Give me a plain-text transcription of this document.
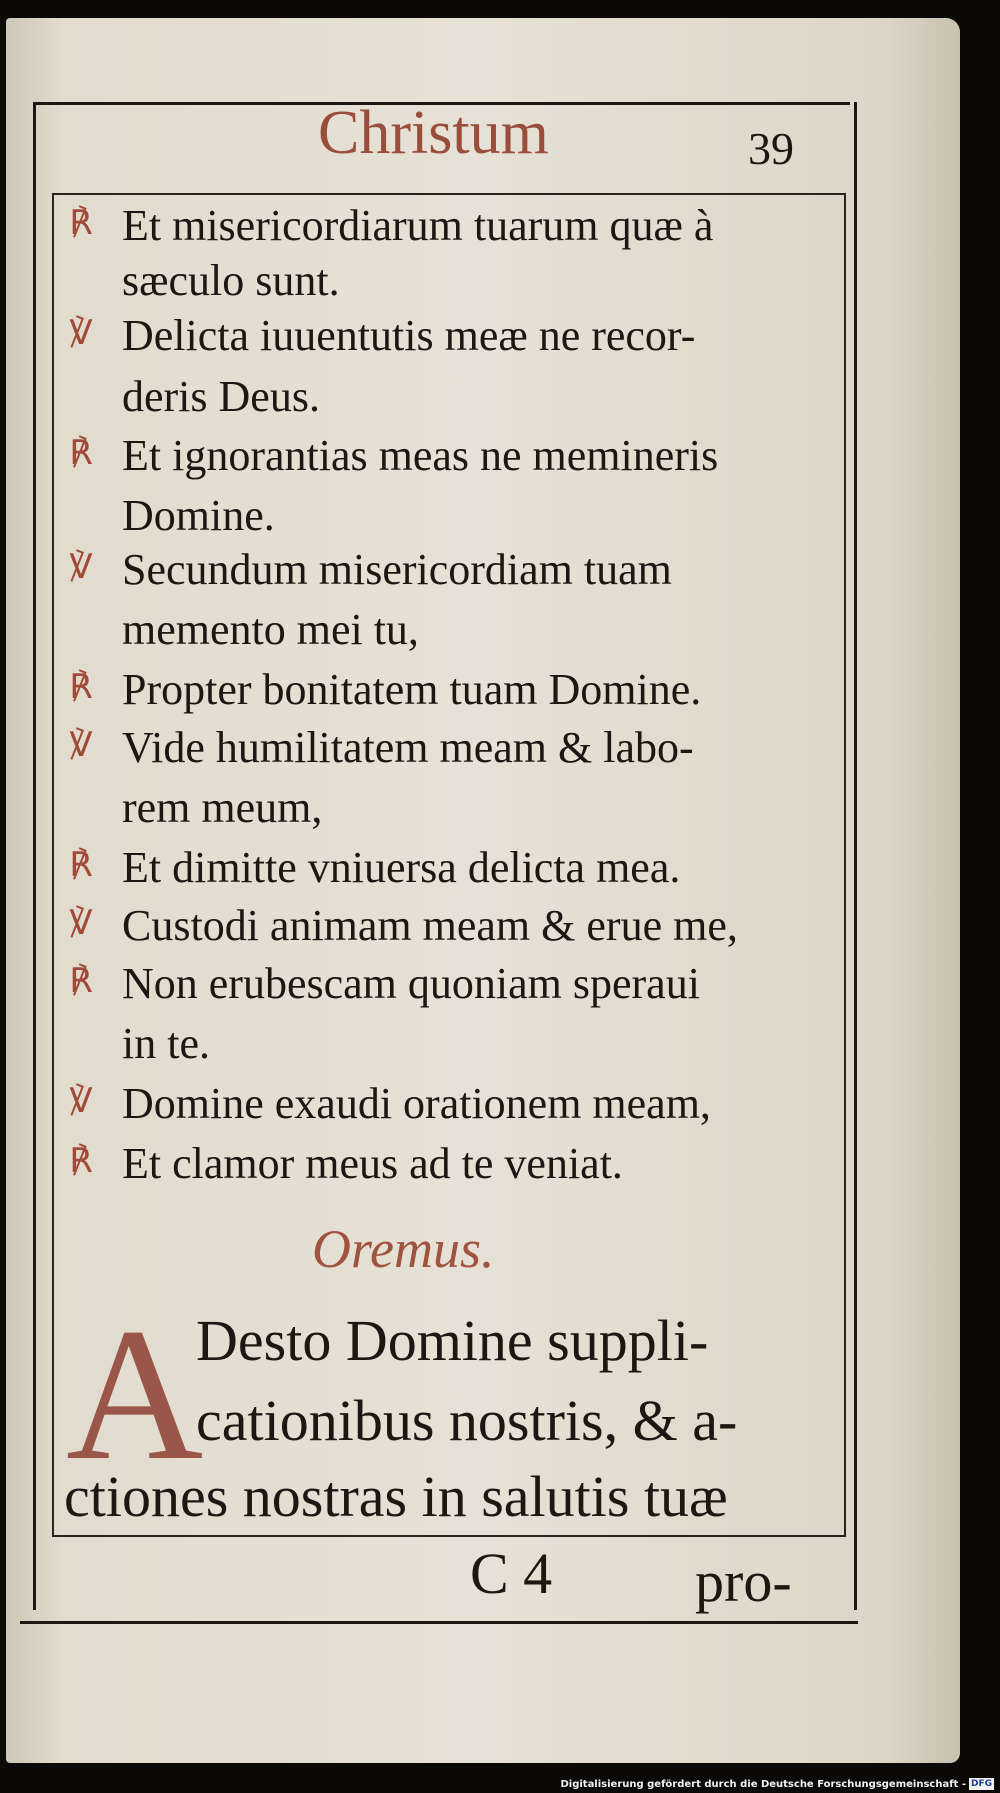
Christum	39
℟ Et misericordiarum tuarum quæ à
sæculo sunt.
℣ Delicta iuuentutis meæ ne recor-
deris Deus.
℟ Et ignorantias meas ne memineris
Domine.
℣ Secundum misericordiam tuam
memento mei tu,
℟ Propter bonitatem tuam Domine.
℣ Vide humilitatem meam & labo-
rem meum,
℟ Et dimitte vniuersa delicta mea.
℣ Custodi animam meam & erue me,
℟ Non erubescam quoniam speraui
in te.
℣ Domine exaudi orationem meam,
℟ Et clamor meus ad te veniat.
Oremus.
A
Desto Domine suppli-
cationibus nostris, & a-
ctiones nostras in salutis tuæ
C 4 pro-
Digitalisierung gefördert durch die Deutsche Forschungsgemeinschaft - DFG
